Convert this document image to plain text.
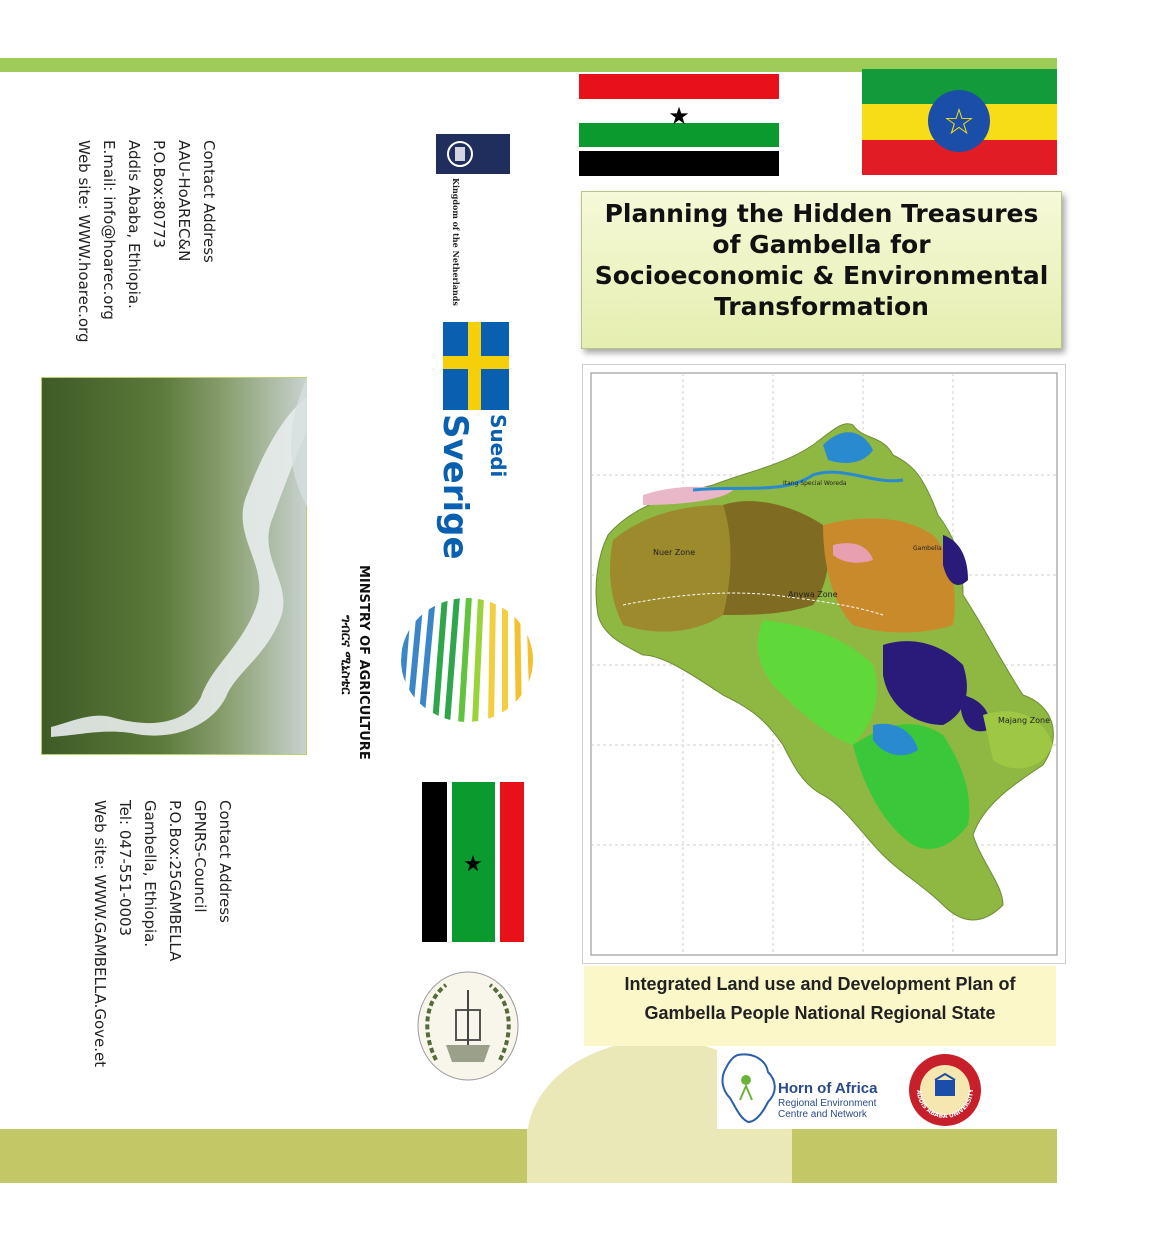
Contact Address
AAU-HoAREC&N
P.O.Box:80773
Addis Ababa, Ethiopia.
E.mail: info@hoarec.org
Web site: WWW.hoarec.org	Kingdom of the Netherlands
Suedi
Sverige
MINSTRY OF AGRICULTURE
ግብርና ሚኒስቴር
★
★	☆
Planning the Hidden Treasures
of Gambella for
Socioeconomic & Environmental
Transformation
Nuer Zone
Anywa Zone
Majang Zone
Itang Special Woreda
Gambella
Integrated Land use and Development Plan of
Gambella People National Regional State
Horn of Africa
Regional Environment
Centre and Network
ADDIS ABABA UNIVERSITY
Contact Address
GPNRS-Council
P.O.Box:25GAMBELLA
Gambella, Ethiopia.
Tel: 047-551-0003
Web site: WWW.GAMBELLA.Gove.et
